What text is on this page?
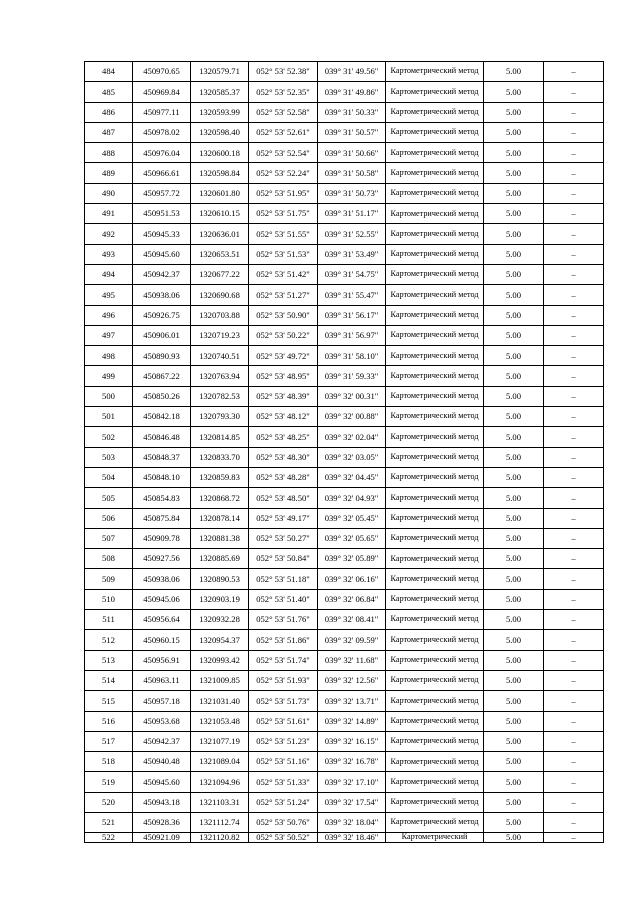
484	450970.65	1320579.71	052° 53' 52.38"	039° 31' 49.56"	Картометрический метод	5.00	–
485	450969.84	1320585.37	052° 53' 52.35"	039° 31' 49.86"	Картометрический метод	5.00	–
486	450977.11	1320593.99	052° 53' 52.58"	039° 31' 50.33"	Картометрический метод	5.00	–
487	450978.02	1320598.40	052° 53' 52.61"	039° 31' 50.57"	Картометрический метод	5.00	–
488	450976.04	1320600.18	052° 53' 52.54"	039° 31' 50.66"	Картометрический метод	5.00	–
489	450966.61	1320598.84	052° 53' 52.24"	039° 31' 50.58"	Картометрический метод	5.00	–
490	450957.72	1320601.80	052° 53' 51.95"	039° 31' 50.73"	Картометрический метод	5.00	–
491	450951.53	1320610.15	052° 53' 51.75"	039° 31' 51.17"	Картометрический метод	5.00	–
492	450945.33	1320636.01	052° 53' 51.55"	039° 31' 52.55"	Картометрический метод	5.00	–
493	450945.60	1320653.51	052° 53' 51.53"	039° 31' 53.49"	Картометрический метод	5.00	–
494	450942.37	1320677.22	052° 53' 51.42"	039° 31' 54.75"	Картометрический метод	5.00	–
495	450938.06	1320690.68	052° 53' 51.27"	039° 31' 55.47"	Картометрический метод	5.00	–
496	450926.75	1320703.88	052° 53' 50.90"	039° 31' 56.17"	Картометрический метод	5.00	–
497	450906.01	1320719.23	052° 53' 50.22"	039° 31' 56.97"	Картометрический метод	5.00	–
498	450890.93	1320740.51	052° 53' 49.72"	039° 31' 58.10"	Картометрический метод	5.00	–
499	450867.22	1320763.94	052° 53' 48.95"	039° 31' 59.33"	Картометрический метод	5.00	–
500	450850.26	1320782.53	052° 53' 48.39"	039° 32' 00.31"	Картометрический метод	5.00	–
501	450842.18	1320793.30	052° 53' 48.12"	039° 32' 00.88"	Картометрический метод	5.00	–
502	450846.48	1320814.85	052° 53' 48.25"	039° 32' 02.04"	Картометрический метод	5.00	–
503	450848.37	1320833.70	052° 53' 48.30"	039° 32' 03.05"	Картометрический метод	5.00	–
504	450848.10	1320859.83	052° 53' 48.28"	039° 32' 04.45"	Картометрический метод	5.00	–
505	450854.83	1320868.72	052° 53' 48.50"	039° 32' 04.93"	Картометрический метод	5.00	–
506	450875.84	1320878.14	052° 53' 49.17"	039° 32' 05.45"	Картометрический метод	5.00	–
507	450909.78	1320881.38	052° 53' 50.27"	039° 32' 05.65"	Картометрический метод	5.00	–
508	450927.56	1320885.69	052° 53' 50.84"	039° 32' 05.89"	Картометрический метод	5.00	–
509	450938.06	1320890.53	052° 53' 51.18"	039° 32' 06.16"	Картометрический метод	5.00	–
510	450945.06	1320903.19	052° 53' 51.40"	039° 32' 06.84"	Картометрический метод	5.00	–
511	450956.64	1320932.28	052° 53' 51.76"	039° 32' 08.41"	Картометрический метод	5.00	–
512	450960.15	1320954.37	052° 53' 51.86"	039° 32' 09.59"	Картометрический метод	5.00	–
513	450956.91	1320993.42	052° 53' 51.74"	039° 32' 11.68"	Картометрический метод	5.00	–
514	450963.11	1321009.85	052° 53' 51.93"	039° 32' 12.56"	Картометрический метод	5.00	–
515	450957.18	1321031.40	052° 53' 51.73"	039° 32' 13.71"	Картометрический метод	5.00	–
516	450953.68	1321053.48	052° 53' 51.61"	039° 32' 14.89"	Картометрический метод	5.00	–
517	450942.37	1321077.19	052° 53' 51.23"	039° 32' 16.15"	Картометрический метод	5.00	–
518	450940.48	1321089.04	052° 53' 51.16"	039° 32' 16.78"	Картометрический метод	5.00	–
519	450945.60	1321094.96	052° 53' 51.33"	039° 32' 17.10"	Картометрический метод	5.00	–
520	450943.18	1321103.31	052° 53' 51.24"	039° 32' 17.54"	Картометрический метод	5.00	–
521	450928.36	1321112.74	052° 53' 50.76"	039° 32' 18.04"	Картометрический метод	5.00	–
522	450921.09	1321120.82	052° 53' 50.52"	039° 32' 18.46"	Картометрический	5.00	–
